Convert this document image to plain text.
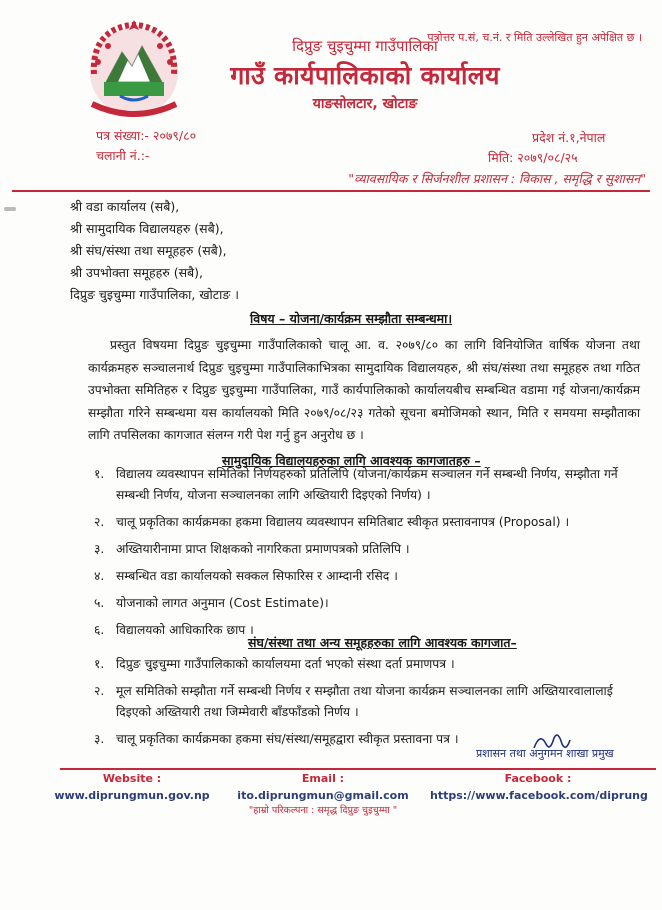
पत्रोत्तर प.सं, च.नं. र मिति उल्लेखित हुन अपेक्षित छ ।
दिप्रुङ चुइचुम्मा गाउँपालिका
गाउँ कार्यपालिकाको कार्यालय
याङसोलटार, खोटाङ
पत्र संख्या:- २०७९/८०
चलानी नं.:-
प्रदेश नं.१,नेपाल
मिति: २०७९/०८/२५
"व्यावसायिक र सिर्जनशील प्रशासन : विकास , समृद्धि र सुशासन"
श्री वडा कार्यालय (सबै),
श्री सामुदायिक विद्यालयहरु (सबै),
श्री संघ/संस्था तथा समूहहरु (सबै),
श्री उपभोक्ता समूहहरु (सबै),
दिप्रुङ चुइचुम्मा गाउँपालिका, खोटाङ ।
विषय – योजना/कार्यक्रम सम्झौता सम्बन्धमा।
प्रस्तुत विषयमा दिप्रुङ चुइचुम्मा गाउँपालिकाको चालू आ. व. २०७९/८० का लागि विनियोजित वार्षिक योजना तथा कार्यक्रमहरु सञ्चालनार्थ दिप्रुङ चुइचुम्मा गाउँपालिकाभित्रका सामुदायिक विद्यालयहरु, श्री संघ/संस्था तथा समूहहरु तथा गठित उपभोक्ता समितिहरु र दिप्रुङ चुइचुम्मा गाउँपालिका, गाउँ कार्यपालिकाको कार्यालयबीच सम्बन्धित वडामा गई योजना/कार्यक्रम सम्झौता गरिने सम्बन्धमा यस कार्यालयको मिति २०७९/०८/२३ गतेको सूचना बमोजिमको स्थान, मिति र समयमा सम्झौताका लागि तपसिलका कागजात संलग्न गरी पेश गर्नु हुन अनुरोध छ ।
सामुदायिक विद्यालयहरुका लागि आवश्यक कागजातहरु –
१. विद्यालय व्यवस्थापन समितिको निर्णयहरुको प्रतिलिपि (योजना/कार्यक्रम सञ्चालन गर्ने सम्बन्धी निर्णय, सम्झौता गर्ने सम्बन्धी निर्णय, योजना सञ्चालनका लागि अख्तियारी दिइएको निर्णय) ।
२. चालू प्रकृतिका कार्यक्रमका हकमा विद्यालय व्यवस्थापन समितिबाट स्वीकृत प्रस्तावनापत्र (Proposal) ।
३. अख्तियारीनामा प्राप्त शिक्षकको नागरिकता प्रमाणपत्रको प्रतिलिपि ।
४. सम्बन्धित वडा कार्यालयको सक्कल सिफारिस र आम्दानी रसिद ।
५. योजनाको लागत अनुमान (Cost Estimate)।
६. विद्यालयको आधिकारिक छाप ।
संघ/संस्था तथा अन्य समूहहरुका लागि आवश्यक कागजात–
१. दिप्रुङ चुइचुम्मा गाउँपालिकाको कार्यालयमा दर्ता भएको संस्था दर्ता प्रमाणपत्र ।
२. मूल समितिको सम्झौता गर्ने सम्बन्धी निर्णय र सम्झौता तथा योजना कार्यक्रम सञ्चालनका लागि अख्तियारवालालाई दिइएको अख्तियारी तथा जिम्मेवारी बाँडफाँडको निर्णय ।
३. चालू प्रकृतिका कार्यक्रमका हकमा संघ/संस्था/समूहद्वारा स्वीकृत प्रस्तावना पत्र ।
प्रशासन तथा अनुगमन शाखा प्रमुख
Website :
www.diprungmun.gov.np
Email :
ito.diprungmun@gmail.com
"हाम्रो परिकल्पना : समृद्ध दिप्रुङ चुइचुम्मा "
Facebook :
https://www.facebook.com/diprung
